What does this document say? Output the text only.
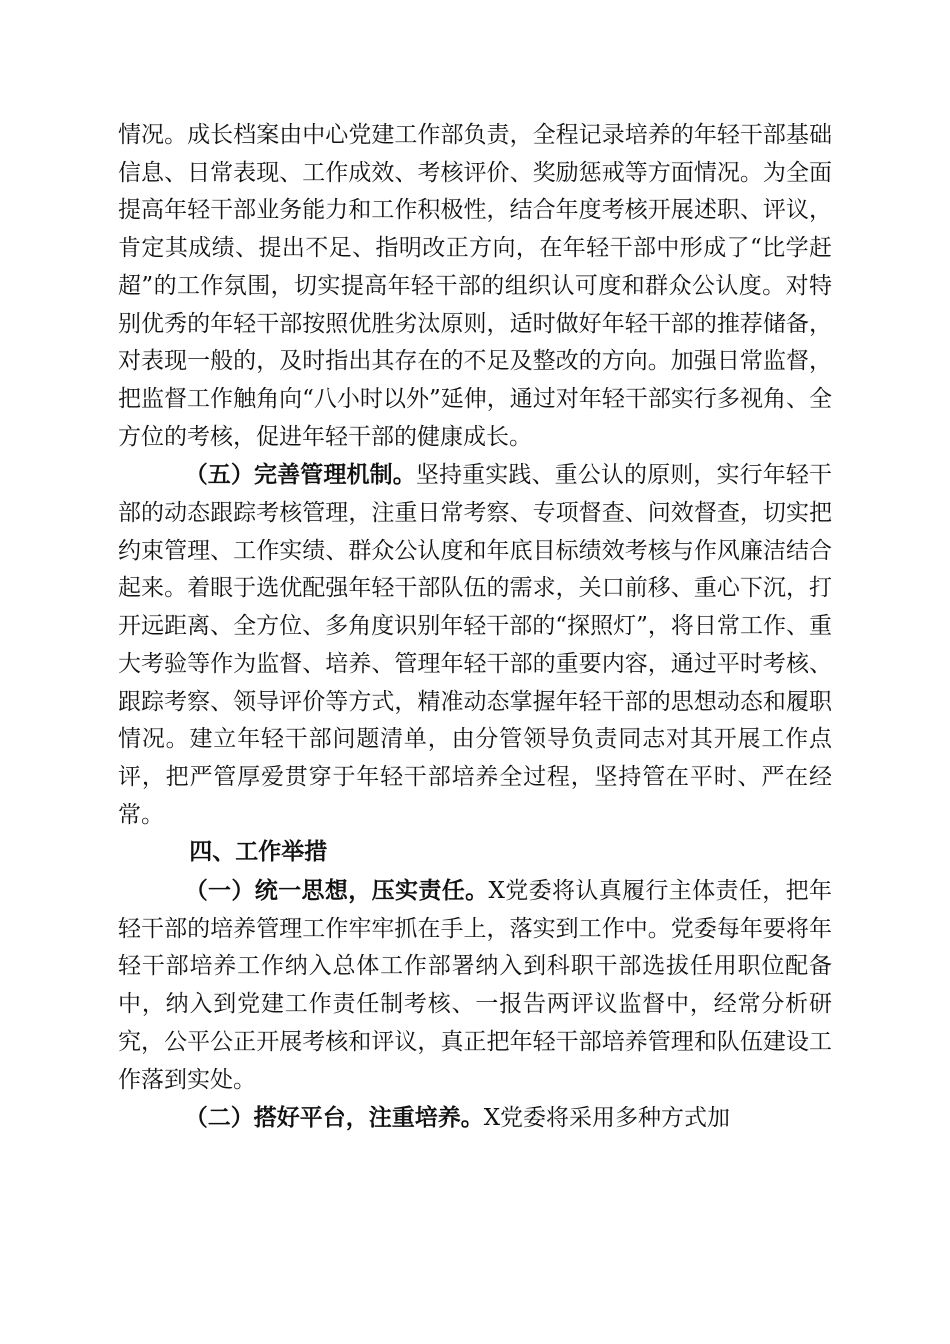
情况。成长档案由中心党建工作部负责，全程记录培养的年轻干部基础信息、日常表现、工作成效、考核评价、奖励惩戒等方面情况。为全面提高年轻干部业务能力和工作积极性，结合年度考核开展述职、评议，肯定其成绩、提出不足、指明改正方向，在年轻干部中形成了“比学赶超”的工作氛围，切实提高年轻干部的组织认可度和群众公认度。对特别优秀的年轻干部按照优胜劣汰原则，适时做好年轻干部的推荐储备，对表现一般的，及时指出其存在的不足及整改的方向。加强日常监督，把监督工作触角向“八小时以外”延伸，通过对年轻干部实行多视角、全方位的考核，促进年轻干部的健康成长。

（五）完善管理机制。坚持重实践、重公认的原则，实行年轻干部的动态跟踪考核管理，注重日常考察、专项督查、问效督查，切实把约束管理、工作实绩、群众公认度和年底目标绩效考核与作风廉洁结合起来。着眼于选优配强年轻干部队伍的需求，关口前移、重心下沉，打开远距离、全方位、多角度识别年轻干部的“探照灯”，将日常工作、重大考验等作为监督、培养、管理年轻干部的重要内容，通过平时考核、跟踪考察、领导评价等方式，精准动态掌握年轻干部的思想动态和履职情况。建立年轻干部问题清单，由分管领导负责同志对其开展工作点评，把严管厚爱贯穿于年轻干部培养全过程，坚持管在平时、严在经常。

四、工作举措

（一）统一思想，压实责任。X党委将认真履行主体责任，把年轻干部的培养管理工作牢牢抓在手上，落实到工作中。党委每年要将年轻干部培养工作纳入总体工作部署纳入到科职干部选拔任用职位配备中，纳入到党建工作责任制考核、一报告两评议监督中，经常分析研究，公平公正开展考核和评议，真正把年轻干部培养管理和队伍建设工作落到实处。

（二）搭好平台，注重培养。X党委将采用多种方式加
